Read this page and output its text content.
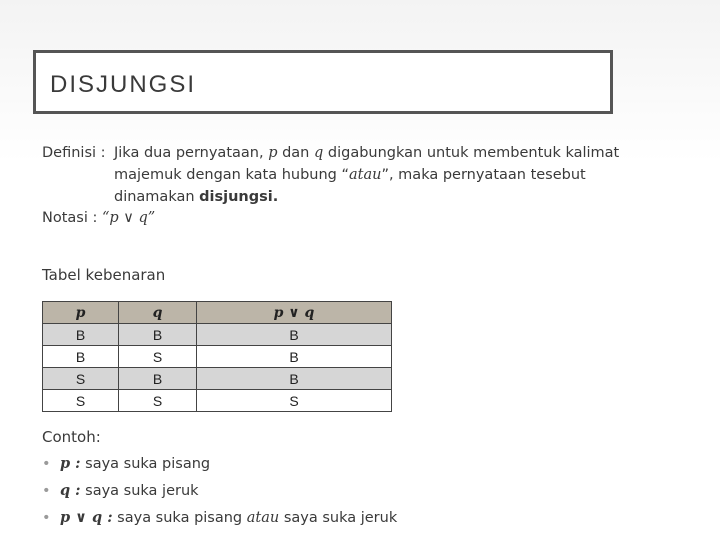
DISJUNGSI
Definisi : Jika dua pernyataan, p dan q digabungkan untuk membentuk kalimat majemuk dengan kata hubung “atau”, maka pernyataan tesebut dinamakan disjungsi.
Notasi : “p ∨ q”
Tabel kebenaran
p	q	p ∨ q
B	B	B
B	S	B
S	B	B
S	S	S
Contoh:
• p : saya suka pisang
• q : saya suka jeruk
• p ∨ q : saya suka pisang atau saya suka jeruk
